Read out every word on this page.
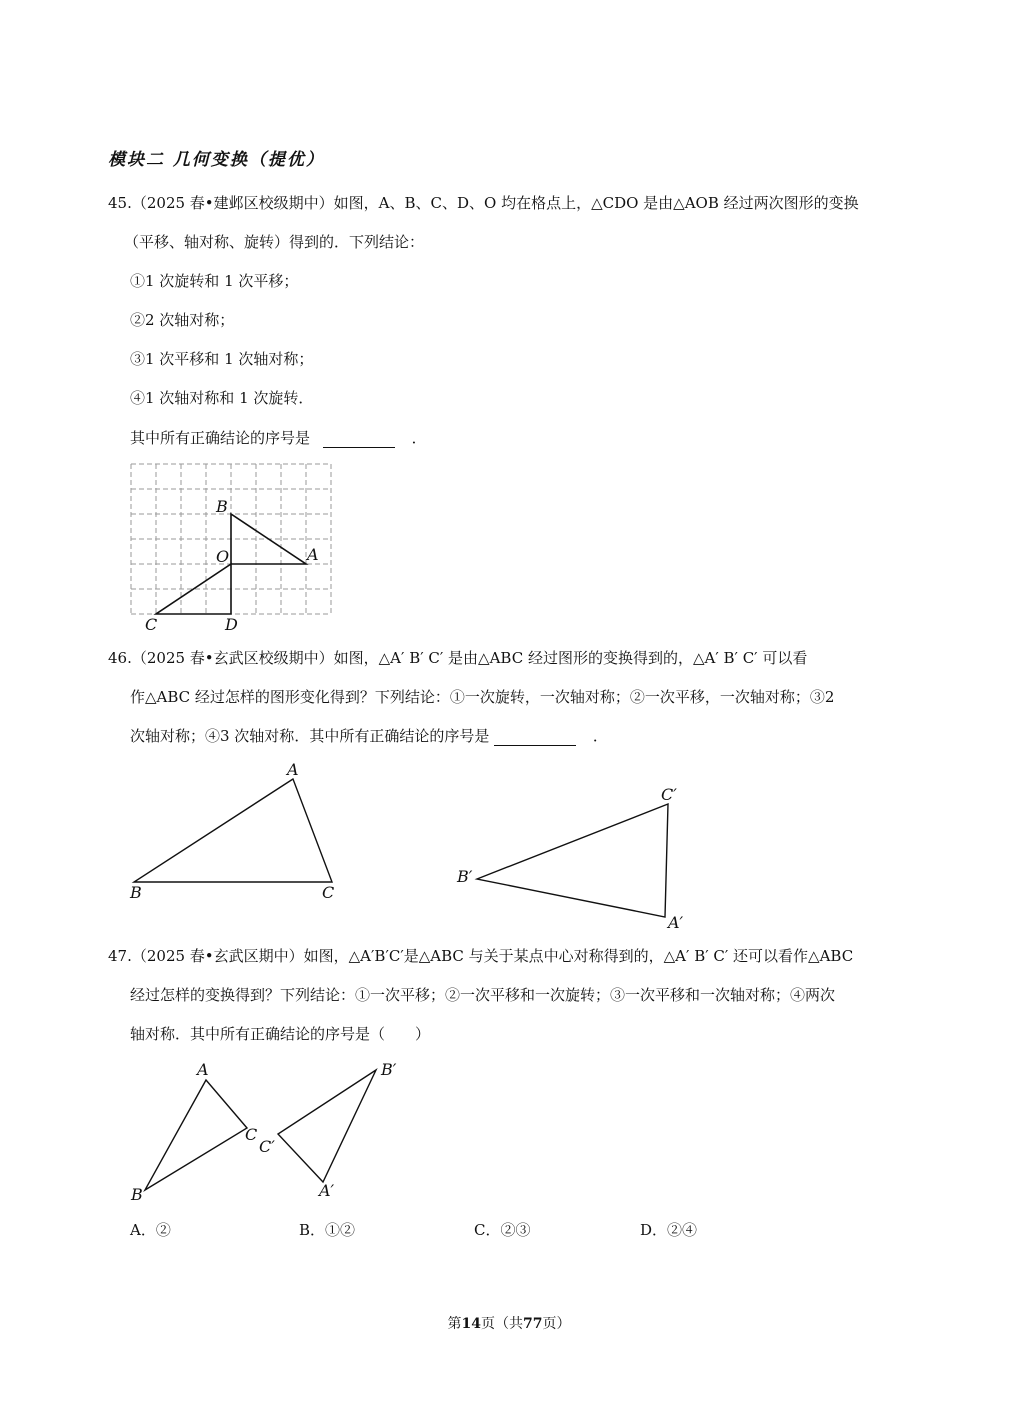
模块二 几何变换（提优）
45.（2025 春•建邺区校级期中）如图，A、B、C、D、O 均在格点上，△CDO 是由△AOB 经过两次图形的变换
（平移、轴对称、旋转）得到的．下列结论：
①1 次旋转和 1 次平移；
②2 次轴对称；
③1 次平移和 1 次轴对称；
④1 次轴对称和 1 次旋转．
其中所有正确结论的序号是	．
B
O	A
C	D
46.（2025 春•玄武区校级期中）如图，△A′ B′ C′ 是由△ABC 经过图形的变换得到的，△A′ B′ C′ 可以看
作△ABC 经过怎样的图形变化得到？下列结论：①一次旋转，一次轴对称；②一次平移，一次轴对称；③2
次轴对称；④3 次轴对称．其中所有正确结论的序号是	．
A
B	C
C′
B′
A′
47.（2025 春•玄武区期中）如图，△A′B′C′是△ABC 与关于某点中心对称得到的，△A′ B′ C′ 还可以看作△ABC
经过怎样的变换得到？下列结论：①一次平移；②一次平移和一次旋转；③一次平移和一次轴对称；④两次
轴对称．其中所有正确结论的序号是（　　）
A
B
C
B′
C′
A′
A．②	B．①②	C．②③	D．②④
第14页（共77页）
